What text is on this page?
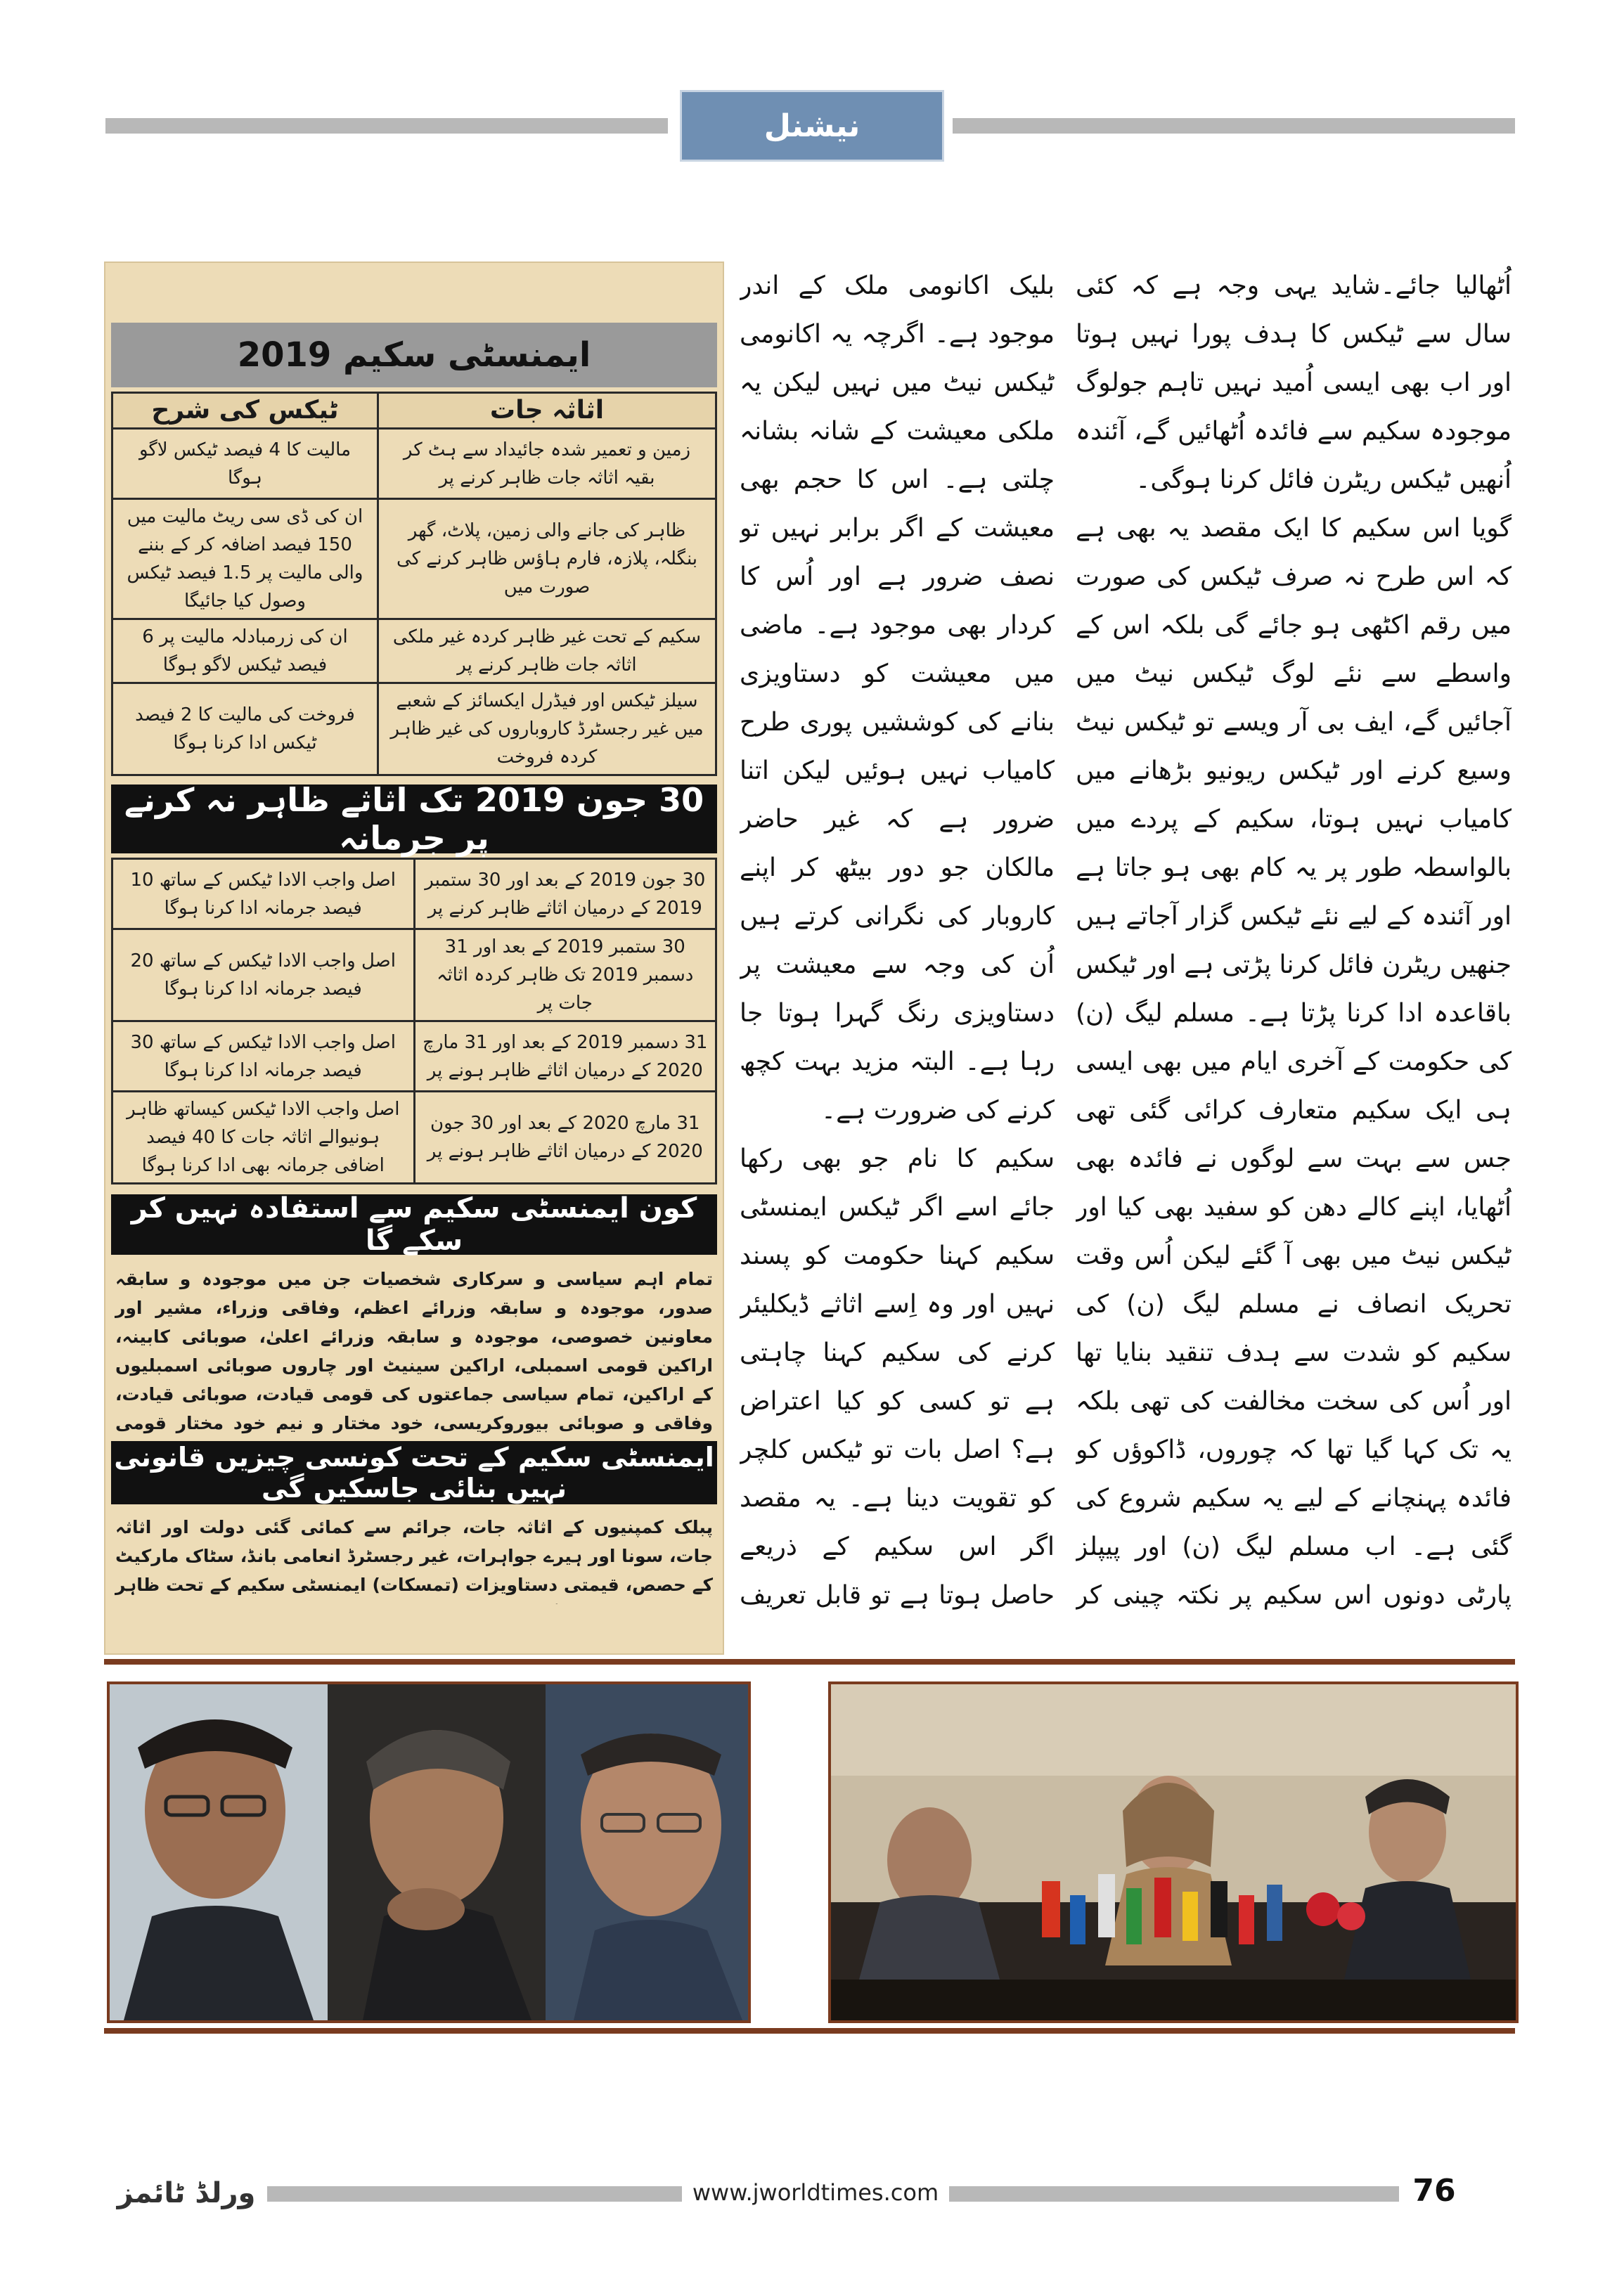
نیشنل

اُٹھالیا جائے۔شاید یہی وجہ ہے کہ کئی سال سے ٹیکس کا ہدف پورا نہیں ہوتا اور اب بھی ایسی اُمید نہیں تاہم جولوگ موجودہ سکیم سے فائدہ اُٹھائیں گے، آئندہ اُنھیں ٹیکس ریٹرن فائل کرنا ہوگی۔

گویا اس سکیم کا ایک مقصد یہ بھی ہے کہ اس طرح نہ صرف ٹیکس کی صورت میں رقم اکٹھی ہو جائے گی بلکہ اس کے واسطے سے نئے لوگ ٹیکس نیٹ میں آجائیں گے، ایف بی آر ویسے تو ٹیکس نیٹ وسیع کرنے اور ٹیکس ریونیو بڑھانے میں کامیاب نہیں ہوتا، سکیم کے پردے میں بالواسطہ طور پر یہ کام بھی ہو جاتا ہے اور آئندہ کے لیے نئے ٹیکس گزار آجاتے ہیں جنھیں ریٹرن فائل کرنا پڑتی ہے اور ٹیکس باقاعدہ ادا کرنا پڑتا ہے۔ مسلم لیگ (ن) کی حکومت کے آخری ایام میں بھی ایسی ہی ایک سکیم متعارف کرائی گئی تھی جس سے بہت سے لوگوں نے فائدہ بھی اُٹھایا، اپنے کالے دھن کو سفید بھی کیا اور ٹیکس نیٹ میں بھی آ گئے لیکن اُس وقت تحریک انصاف نے مسلم لیگ (ن) کی سکیم کو شدت سے ہدف تنقید بنایا تھا اور اُس کی سخت مخالفت کی تھی بلکہ یہ تک کہا گیا تھا کہ چوروں، ڈاکوؤں کو فائدہ پہنچانے کے لیے یہ سکیم شروع کی گئی ہے۔ اب مسلم لیگ (ن) اور پیپلز پارٹی دونوں اس سکیم پر نکتہ چینی کر

بلیک اکانومی ملک کے اندر موجود ہے۔ اگرچہ یہ اکانومی ٹیکس نیٹ میں نہیں لیکن یہ ملکی معیشت کے شانہ بشانہ چلتی ہے۔ اس کا حجم بھی معیشت کے اگر برابر نہیں تو نصف ضرور ہے اور اُس کا کردار بھی موجود ہے۔ ماضی میں معیشت کو دستاویزی بنانے کی کوششیں پوری طرح کامیاب نہیں ہوئیں لیکن اتنا ضرور ہے کہ غیر حاضر مالکان جو دور بیٹھ کر اپنے کاروبار کی نگرانی کرتے ہیں اُن کی وجہ سے معیشت پر دستاویزی رنگ گہرا ہوتا جا رہا ہے۔ البتہ مزید بہت کچھ کرنے کی ضرورت ہے۔

سکیم کا نام جو بھی رکھا جائے اسے اگر ٹیکس ایمنسٹی سکیم کہنا حکومت کو پسند نہیں اور وہ اِسے اثاثے ڈیکلیئر کرنے کی سکیم کہنا چاہتی ہے تو کسی کو کیا اعتراض ہے؟ اصل بات تو ٹیکس کلچر کو تقویت دینا ہے۔ یہ مقصد اگر اس سکیم کے ذریعے حاصل ہوتا ہے تو قابل تعریف

ایمنسٹی سکیم 2019
اثاثہ جات	ٹیکس کی شرح
زمین و تعمیر شدہ جائیداد سے ہٹ کر بقیہ اثاثہ جات ظاہر کرنے پر	مالیت کا 4 فیصد ٹیکس لاگو ہوگا
ظاہر کی جانے والی زمین، پلاٹ، گھر بنگلہ، پلازہ، فارم ہاؤس ظاہر کرنے کی صورت میں	ان کی ڈی سی ریٹ مالیت میں 150 فیصد اضافہ کر کے بننے والی مالیت پر 1.5 فیصد ٹیکس وصول کیا جائیگا
سکیم کے تحت غیر ظاہر کردہ غیر ملکی اثاثہ جات ظاہر کرنے پر	ان کی زرمبادلہ مالیت پر 6 فیصد ٹیکس لاگو ہوگا
سیلز ٹیکس اور فیڈرل ایکسائز کے شعبے میں غیر رجسٹرڈ کاروباروں کی غیر ظاہر کردہ فروخت	فروخت کی مالیت کا 2 فیصد ٹیکس ادا کرنا ہوگا
30 جون 2019 تک اثاثے ظاہر نہ کرنے پر جرمانہ
30 جون 2019 کے بعد اور 30 ستمبر 2019 کے درمیان اثاثے ظاہر کرنے پر	اصل واجب الادا ٹیکس کے ساتھ 10 فیصد جرمانہ ادا کرنا ہوگا
30 ستمبر 2019 کے بعد اور 31 دسمبر 2019 تک ظاہر کردہ اثاثہ جات پر	اصل واجب الادا ٹیکس کے ساتھ 20 فیصد جرمانہ ادا کرنا ہوگا
31 دسمبر 2019 کے بعد اور 31 مارچ 2020 کے درمیان اثاثے ظاہر ہونے پر	اصل واجب الادا ٹیکس کے ساتھ 30 فیصد جرمانہ ادا کرنا ہوگا
31 مارچ 2020 کے بعد اور 30 جون 2020 کے درمیان اثاثے ظاہر ہونے پر	اصل واجب الادا ٹیکس کیساتھ ظاہر ہونیوالے اثاثہ جات کا 40 فیصد اضافی جرمانہ بھی ادا کرنا ہوگا
کون ایمنسٹی سکیم سے استفادہ نہیں کر سکے گا
تمام اہم سیاسی و سرکاری شخصیات جن میں موجودہ و سابقہ صدور، موجودہ و سابقہ وزرائے اعظم، وفاقی وزراء، مشیر اور معاونین خصوصی، موجودہ و سابقہ وزرائے اعلیٰ، صوبائی کابینہ، اراکین قومی اسمبلی، اراکین سینیٹ اور چاروں صوبائی اسمبلیوں کے اراکین، تمام سیاسی جماعتوں کی قومی قیادت، صوبائی قیادت، وفاقی و صوبائی بیوروکریسی، خود مختار و نیم خود مختار قومی
ایمنسٹی سکیم کے تحت کونسی چیزیں قانونی نہیں بنائی جاسکیں گی
پبلک کمپنیوں کے اثاثہ جات، جرائم سے کمائی گئی دولت اور اثاثہ جات، سونا اور ہیرے جواہرات، غیر رجسٹرڈ انعامی بانڈ، سٹاک مارکیٹ کے حصص، قیمتی دستاویزات (تمسکات) ایمنسٹی سکیم کے تحت ظاہر
ورلڈ ٹائمز	www.jworldtimes.com	76
